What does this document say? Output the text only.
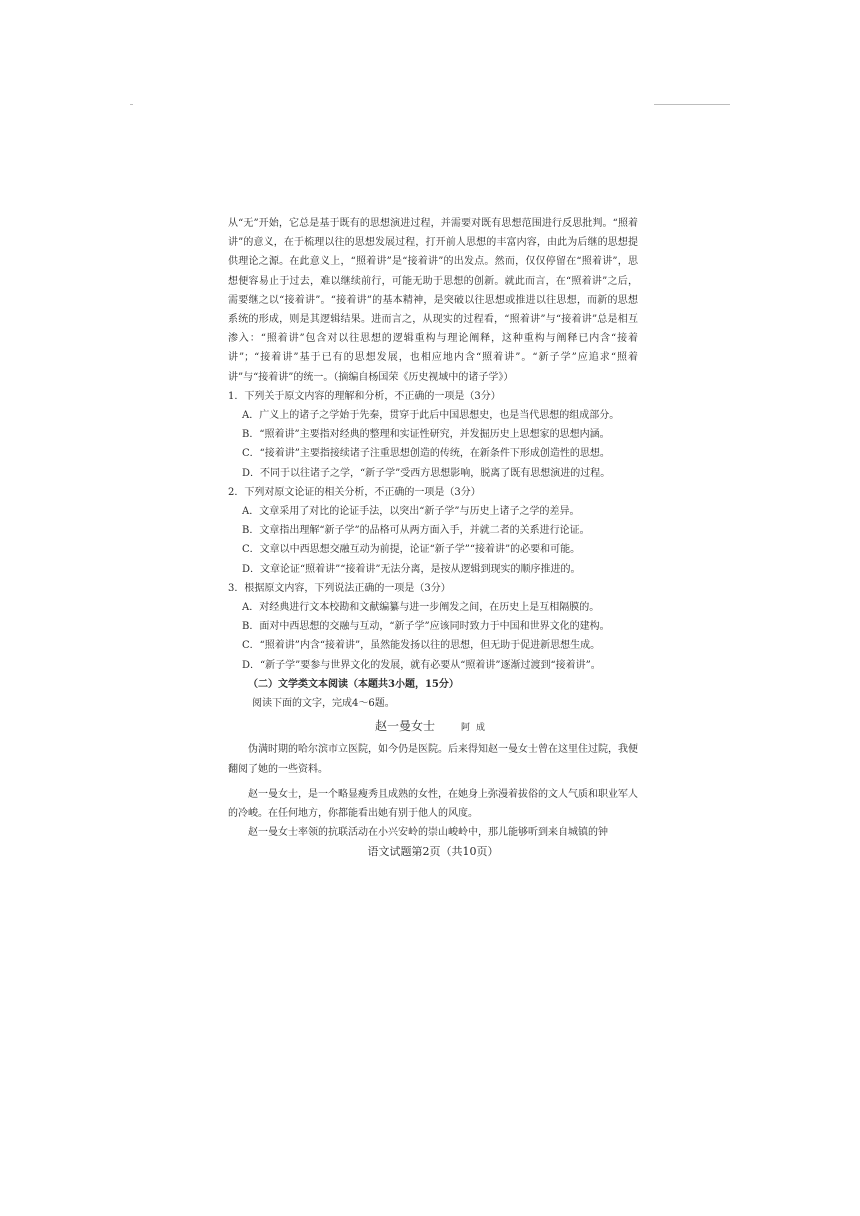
从“无”开始，它总是基于既有的思想演进过程，并需要对既有思想范围进行反思批判。“照着讲”的意义，在于梳理以往的思想发展过程，打开前人思想的丰富内容，由此为后继的思想提供理论之源。在此意义上，“照着讲”是“接着讲”的出发点。然而，仅仅停留在“照着讲”，思想便容易止于过去，难以继续前行，可能无助于思想的创新。就此而言，在“照着讲”之后，需要继之以“接着讲”。“接着讲”的基本精神，是突破以往思想或推进以往思想，而新的思想系统的形成，则是其逻辑结果。进而言之，从现实的过程看，“照着讲”与“接着讲”总是相互渗入：“照着讲”包含对以往思想的逻辑重构与理论阐释，这种重构与阐释已内含“接着讲”；“接着讲”基于已有的思想发展，也相应地内含“照着讲”。“新子学”应追求“照着讲”与“接着讲”的统一。（摘编自杨国荣《历史视域中的诸子学》）

1．下列关于原文内容的理解和分析，不正确的一项是（3分）

A．广义上的诸子之学始于先秦，贯穿于此后中国思想史，也是当代思想的组成部分。

B．“照着讲”主要指对经典的整理和实证性研究，并发掘历史上思想家的思想内涵。

C．“接着讲”主要指接续诸子注重思想创造的传统，在新条件下形成创造性的思想。

D．不同于以往诸子之学，“新子学”受西方思想影响，脱离了既有思想演进的过程。

2．下列对原文论证的相关分析，不正确的一项是（3分）

A．文章采用了对比的论证手法，以突出“新子学”与历史上诸子之学的差异。

B．文章指出理解“新子学”的品格可从两方面入手，并就二者的关系进行论证。

C．文章以中西思想交融互动为前提，论证“新子学”“接着讲”的必要和可能。

D．文章论证“照着讲”“接着讲”无法分离，是按从逻辑到现实的顺序推进的。

3．根据原文内容，下列说法正确的一项是（3分）

A．对经典进行文本校勘和文献编纂与进一步阐发之间，在历史上是互相隔膜的。

B．面对中西思想的交融与互动，“新子学”应该同时致力于中国和世界文化的建构。

C．“照着讲”内含“接着讲”，虽然能发扬以往的思想，但无助于促进新思想生成。

D．“新子学”要参与世界文化的发展，就有必要从“照着讲”逐渐过渡到“接着讲”。

（二）文学类文本阅读（本题共3小题，15分）

阅读下面的文字，完成4～6题。

赵一曼女士	阿成

伪满时期的哈尔滨市立医院，如今仍是医院。后来得知赵一曼女士曾在这里住过院，我便翻阅了她的一些资料。

赵一曼女士，是一个略显瘦秀且成熟的女性，在她身上弥漫着拔俗的文人气质和职业军人的冷峻。在任何地方，你都能看出她有别于他人的风度。

赵一曼女士率领的抗联活动在小兴安岭的崇山峻岭中，那儿能够听到来自城镇的钟

语文试题第2页（共10页）
